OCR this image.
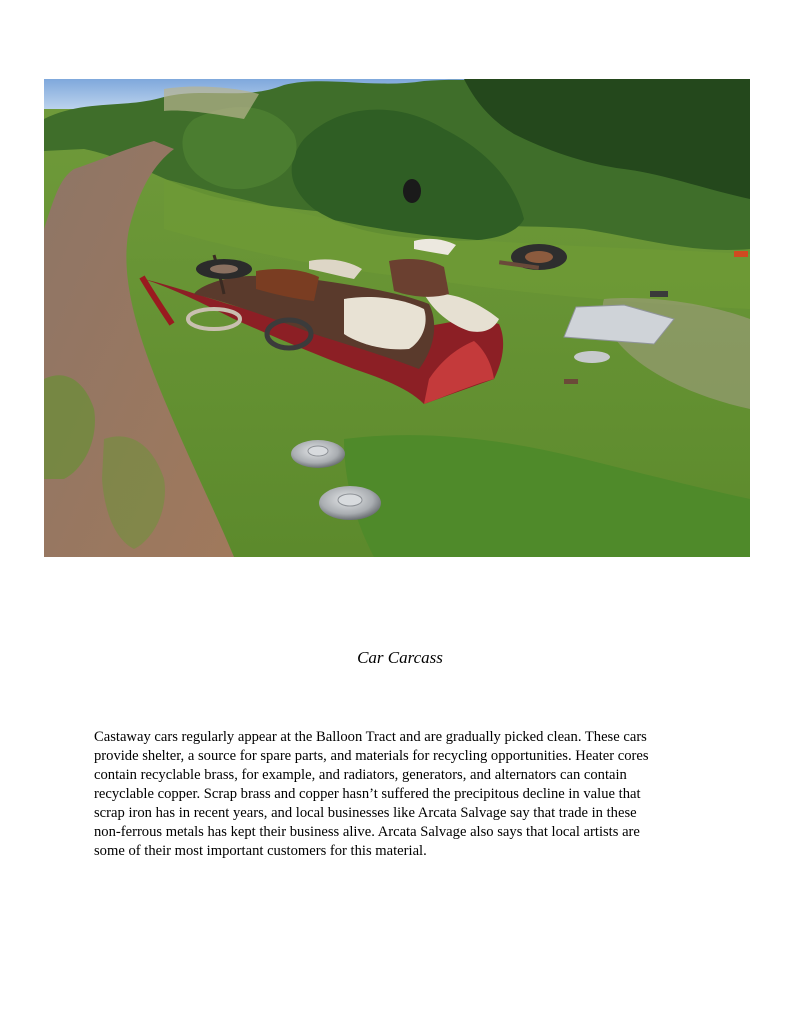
Car Carcass

Castaway cars regularly appear at the Balloon Tract and are gradually picked clean. These cars

provide shelter, a source for spare parts, and materials for recycling opportunities. Heater cores

contain recyclable brass, for example, and radiators, generators, and alternators can contain

recyclable copper. Scrap brass and copper hasn’t suffered the precipitous decline in value that

scrap iron has in recent years, and local businesses like Arcata Salvage say that trade in these

non-ferrous metals has kept their business alive. Arcata Salvage also says that local artists are

some of their most important customers for this material.
